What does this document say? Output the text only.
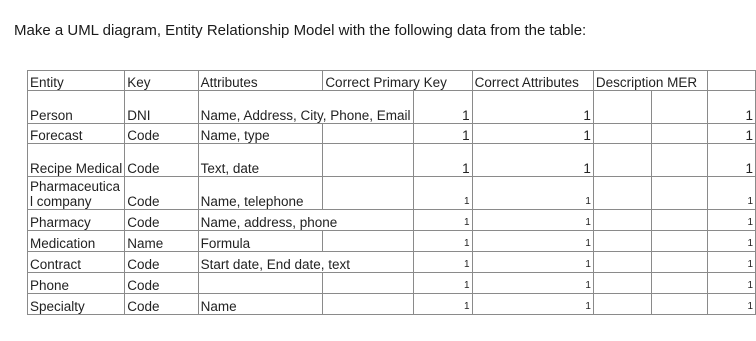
Make a UML diagram, Entity Relationship Model with the following data from the table:
Entity	Key	Attributes	Correct Primary Key		Correct Attributes	Description MER		
Person	DNI	Name, Address, City, Phone, Email		1	1			1
Forecast	Code	Name, type		1	1			1
Recipe Medical	Code	Text, date		1	1			1
Pharmaceutical company	Code	Name, telephone		1	1			1
Pharmacy	Code	Name, address, phone		1	1			1
Medication	Name	Formula		1	1			1
Contract	Code	Start date, End date, text		1	1			1
Phone	Code			1	1			1
Specialty	Code	Name		1	1			1
